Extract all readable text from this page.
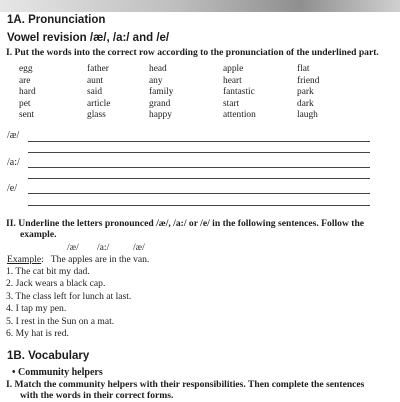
1A. Pronunciation
Vowel revision /æ/, /a:/ and /e/
I. Put the words into the correct row according to the pronunciation of the underlined part.
egg	father	head	apple	flat
are	aunt	any	heart	friend
hard	said	family	fantastic	park
pet	article	grand	start	dark
sent	glass	happy	attention	laugh
/æ/
/a:/
/e/
II. Underline the letters pronounced /æ/, /a:/ or /e/ in the following sentences. Follow the
example.
/æ/ /a:/ /æ/
Example:   The apples are in the van.
1. The cat bit my dad.
2. Jack wears a black cap.
3. The class left for lunch at last.
4. I tap my pen.
5. I rest in the Sun on a mat.
6. My hat is red.
1B. Vocabulary
• Community helpers
I. Match the community helpers with their responsibilities. Then complete the sentences
with the words in their correct forms.
